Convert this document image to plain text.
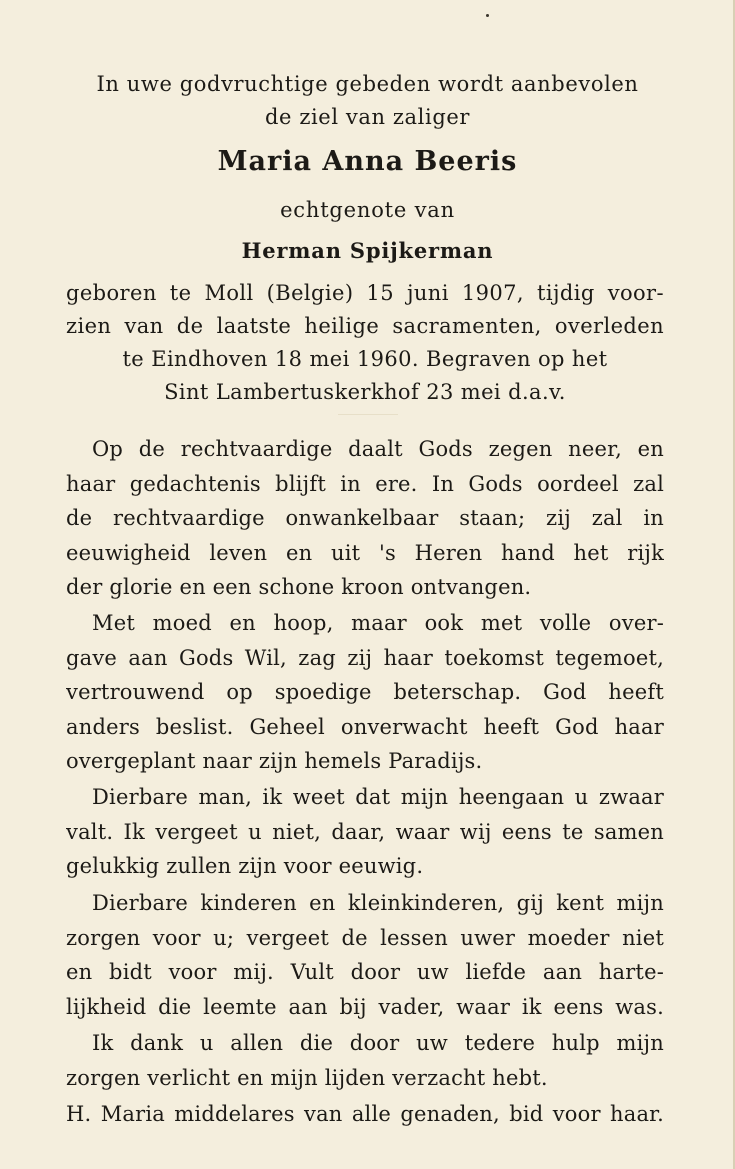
In uwe godvruchtige gebeden wordt aanbevolen
de ziel van zaliger
Maria Anna Beeris
echtgenote van
Herman Spijkerman
geboren te Moll (Belgie) 15 juni 1907, tijdig voor-
zien van de laatste heilige sacramenten, overleden
te Eindhoven 18 mei 1960. Begraven op het
Sint Lambertuskerkhof 23 mei d.a.v.
Op de rechtvaardige daalt Gods zegen neer, en
haar gedachtenis blijft in ere. In Gods oordeel zal
de rechtvaardige onwankelbaar staan; zij zal in
eeuwigheid leven en uit 's Heren hand het rijk
der glorie en een schone kroon ontvangen.
Met moed en hoop, maar ook met volle over-
gave aan Gods Wil, zag zij haar toekomst tegemoet,
vertrouwend op spoedige beterschap. God heeft
anders beslist. Geheel onverwacht heeft God haar
overgeplant naar zijn hemels Paradijs.
Dierbare man, ik weet dat mijn heengaan u zwaar
valt. Ik vergeet u niet, daar, waar wij eens te samen
gelukkig zullen zijn voor eeuwig.
Dierbare kinderen en kleinkinderen, gij kent mijn
zorgen voor u; vergeet de lessen uwer moeder niet
en bidt voor mij. Vult door uw liefde aan harte-
lijkheid die leemte aan bij vader, waar ik eens was.
Ik dank u allen die door uw tedere hulp mijn
zorgen verlicht en mijn lijden verzacht hebt.
H. Maria middelares van alle genaden, bid voor haar.
